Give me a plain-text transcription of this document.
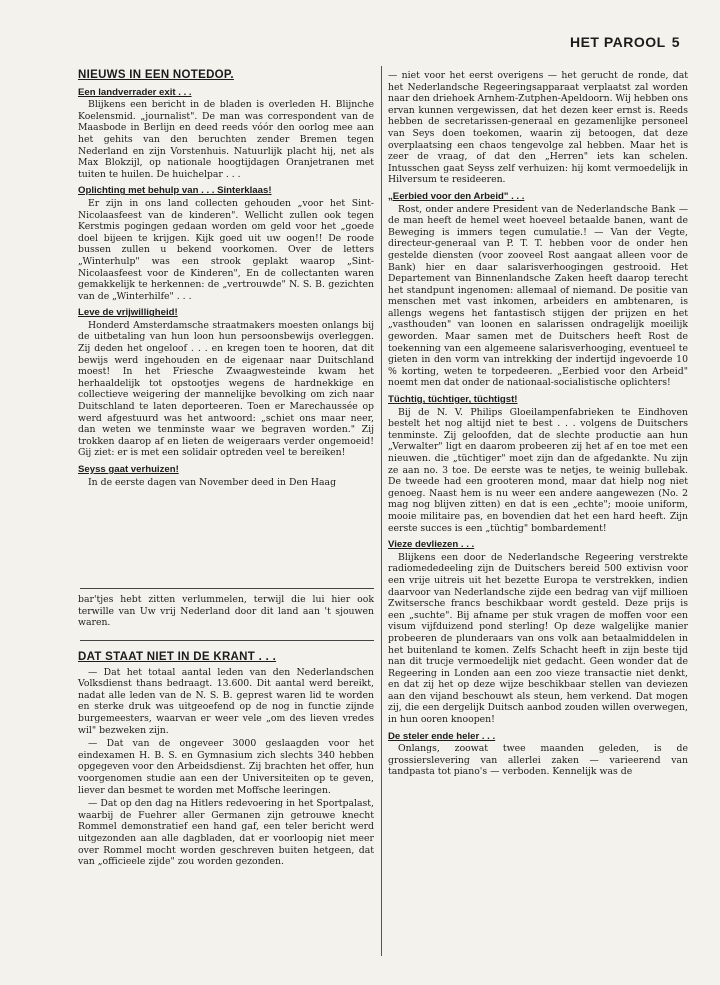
HET PAROOL 5
NIEUWS IN EEN NOTEDOP.
Een landverrader exit . . .

Blijkens een bericht in de bladen is overleden H. Blijnche Koelensmid. „journalist". De man was correspondent van de Maasbode in Berlijn en deed reeds vóór den oorlog mee aan het gehits van den beruchten zender Bremen tegen Nederland en zijn Vorstenhuis. Natuurlijk placht hij, net als Max Blokzijl, op nationale hoogtijdagen Oranjetranen met tuiten te huilen. De huichelpar . . .

Oplichting met behulp van . . . Sinterklaas!

Er zijn in ons land collecten gehouden „voor het Sint-Nicolaasfeest van de kinderen". Wellicht zullen ook tegen Kerstmis pogingen gedaan worden om geld voor het „goede doel bijeen te krijgen. Kijk goed uit uw oogen!! De roode bussen zullen u bekend voorkomen. Over de letters „Winterhulp" was een strook geplakt waarop „Sint-Nicolaasfeest voor de Kinderen", En de collectanten waren gemakkelijk te herkennen: de „vertrouwde" N. S. B. gezichten van de „Winterhilfe" . . .

Leve de vrijwilligheid!

Honderd Amsterdamsche straatmakers moesten onlangs bij de uitbetaling van hun loon hun persoonsbewijs overleggen. Zij deden het ongeloof . . . en kregen toen te hooren, dat dit bewijs werd ingehouden en de eigenaar naar Duitschland moest! In het Friesche Zwaagwesteinde kwam het herhaaldelijk tot opstootjes wegens de hardnekkige en collectieve weigering der mannelijke bevolking om zich naar Duitschland te laten deporteeren. Toen er Marechaussée op werd afgestuurd was het antwoord: „schiet ons maar neer, dan weten we tenminste waar we begraven worden." Zij trokken daarop af en lieten de weigeraars verder ongemoeid! Gij ziet: er is met een solidair optreden veel te bereiken!

Seyss gaat verhuizen!

In de eerste dagen van November deed in Den Haag

bar'tjes hebt zitten verlummelen, terwijl die lui hier ook terwille van Uw vrij Nederland door dit land aan 't sjouwen waren.

DAT STAAT NIET IN DE KRANT . . .

— Dat het totaal aantal leden van den Nederlandschen Volksdienst thans bedraagt. 13.600. Dit aantal werd bereikt, nadat alle leden van de N. S. B. geprest waren lid te worden en sterke druk was uitgeoefend op de nog in functie zijnde burgemeesters, waarvan er weer vele „om des lieven vredes wil" bezweken zijn.

— Dat van de ongeveer 3000 geslaagden voor het eindexamen H. B. S. en Gymnasium zich slechts 340 hebben opgegeven voor den Arbeidsdienst. Zij brachten het offer, hun voorgenomen studie aan een der Universiteiten op te geven, liever dan besmet te worden met Moffsche leeringen.

— Dat op den dag na Hitlers redevoering in het Sportpalast, waarbij de Fuehrer aller Germanen zijn getrouwe knecht Rommel demonstratief een hand gaf, een teler bericht werd uitgezonden aan alle dagbladen, dat er voorloopig niet meer over Rommel mocht worden geschreven buiten hetgeen, dat van „officieele zijde" zou worden gezonden.

— niet voor het eerst overigens — het gerucht de ronde, dat het Nederlandsche Regeeringsapparaat verplaatst zal worden naar den driehoek Arnhem-Zutphen-Apeldoorn. Wij hebben ons ervan kunnen vergewissen, dat het dezen keer ernst is. Reeds hebben de secretarissen-generaal en gezamenlijke personeel van Seys doen toekomen, waarin zij betoogen, dat deze overplaatsing een chaos tengevolge zal hebben. Maar het is zeer de vraag, of dat den „Herren" iets kan schelen. Intusschen gaat Seyss zelf verhuizen: hij komt vermoedelijk in Hilversum te resideeren.

„Eerbied voor den Arbeid" . . .

Rost, onder andere President van de Nederlandsche Bank — de man heeft de hemel weet hoeveel betaalde banen, want de Beweging is immers tegen cumulatie.! — Van der Vegte, directeur-generaal van P. T. T. hebben voor de onder hen gestelde diensten (voor zooveel Rost aangaat alleen voor de Bank) hier en daar salarisverhoogingen gestrooid. Het Departement van Binnenlandsche Zaken heeft daarop terecht het standpunt ingenomen: allemaal of niemand. De positie van menschen met vast inkomen, arbeiders en ambtenaren, is allengs wegens het fantastisch stijgen der prijzen en het „vasthouden" van loonen en salarissen ondragelijk moeilijk geworden. Maar samen met de Duitschers heeft Rost de toekenning van een algemeene salarisverhooging, eventueel te gieten in den vorm van intrekking der indertijd ingevoerde 10 % korting, weten te torpedeeren. „Eerbied voor den Arbeid" noemt men dat onder de nationaal-socialistische oplichters!

Tüchtig, tüchtiger, tüchtigst!

Bij de N. V. Philips Gloeilampenfabrieken te Eindhoven bestelt het nog altijd niet te best . . . volgens de Duitschers tenminste. Zij geloofden, dat de slechte productie aan hun „Verwalter" ligt en daarom probeeren zij het af en toe met een nieuwen. die „tüchtiger" moet zijn dan de afgedankte. Nu zijn ze aan no. 3 toe. De eerste was te netjes, te weinig bullebak. De tweede had een grooteren mond, maar dat hielp nog niet genoeg. Naast hem is nu weer een andere aangewezen (No. 2 mag nog blijven zitten) en dat is een „echte"; mooie uniform, mooie militaire pas, en bovendien dat het een hard heeft. Zijn eerste succes is een „tüchtig" bombardement!

Vieze devliezen . . .

Blijkens een door de Nederlandsche Regeering verstrekte radiomededeeling zijn de Duitschers bereid 500 extivisn voor een vrije uitreis uit het bezette Europa te verstrekken, indien daarvoor van Nederlandsche zijde een bedrag van vijf millioen Zwitsersche francs beschikbaar wordt gesteld. Deze prijs is een „suchte". Bij afname per stuk vragen de moffen voor een visum vijfduizend pond sterling! Op deze walgelijke manier probeeren de plunderaars van ons volk aan betaalmiddelen in het buitenland te komen. Zelfs Schacht heeft in zijn beste tijd nan dit trucje vermoedelijk niet gedacht. Geen wonder dat de Regeering in Londen aan een zoo vieze transactie niet denkt, en dat zij het op deze wijze beschikbaar stellen van deviezen aan den vijand beschouwt als steun, hem verkend. Dat mogen zij, die een dergelijk Duitsch aanbod zouden willen overwegen, in hun ooren knoopen!

De steler ende heler . . .

Onlangs, zoowat twee maanden geleden, is de grossierslevering van allerlei zaken — varieerend van tandpasta tot piano's — verboden. Kennelijk was de
